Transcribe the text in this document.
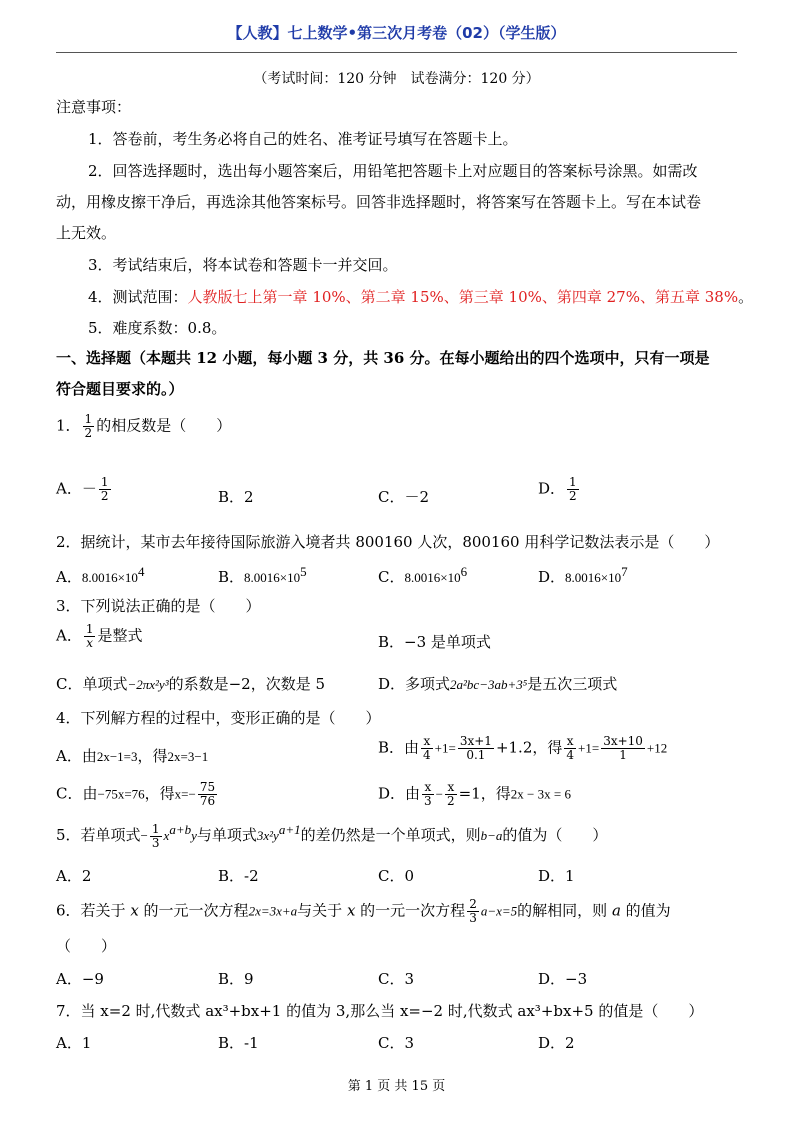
【人教】七上数学•第三次月考卷（02）（学生版）
（考试时间：120 分钟　试卷满分：120 分）
注意事项：
1．答卷前，考生务必将自己的姓名、准考证号填写在答题卡上。
2．回答选择题时，选出每小题答案后，用铅笔把答题卡上对应题目的答案标号涂黑。如需改
动，用橡皮擦干净后，再选涂其他答案标号。回答非选择题时，将答案写在答题卡上。写在本试卷
上无效。
3．考试结束后，将本试卷和答题卡一并交回。
4．测试范围：人教版七上第一章 10%、第二章 15%、第三章 10%、第四章 27%、第五章 38%。
5．难度系数：0.8。
一、选择题（本题共 12 小题，每小题 3 分，共 36 分。在每小题给出的四个选项中，只有一项是
符合题目要求的。）
1． $\frac{1}{2}$ 的相反数是（　　）
A．－ $\frac{1}{2}$	B．2	C．－2	D． $\frac{1}{2}$
2．据统计，某市去年接待国际旅游入境者共 800160 人次，800160 用科学记数法表示是（　　）
A．$8.0016\times 10^4$	B．$8.0016\times 10^5$	C．$8.0016\times 10^6$	D．$8.0016\times 10^7$
3．下列说法正确的是（　　）
A． $\frac{1}{x}$ 是整式	B．−3 是单项式
C．单项式−2πx²y³的系数是−2，次数是 5	D．多项式2a²bc−3ab+3⁵是五次三项式
4．下列解方程的过程中，变形正确的是（　　）
A．由2x−1=3，得2x=3−1	B．由 $\frac{x}{4} +1= \frac{3x+1}{0.1} +1.2$，得 $\frac{x}{4} +1= \frac{3x+10}{1} +12$
C．由−75x=76，得$x=- \frac{75}{76}$	D．由 $\frac{x}{3} - \frac{x}{2} =1$，得2x − 3x = 6
5．若单项式− $\frac{1}{3} x^{a+b}y$与单项式$3x^2y^{a+1}$的差仍然是一个单项式，则b−a的值为（　　）
A．2	B．-2	C．0	D．1
6．若关于 x 的一元一次方程2x=3x+a与关于 x 的一元一次方程 $\frac{2}{3} a-x=5$的解相同，则 a 的值为
（　　）
A．−9	B．9	C．3	D．−3
7．当 x=2 时,代数式 ax³+bx+1 的值为 3,那么当 x=−2 时,代数式 ax³+bx+5 的值是（　　）
A．1	B．-1	C．3	D．2
第 1 页 共 15 页
